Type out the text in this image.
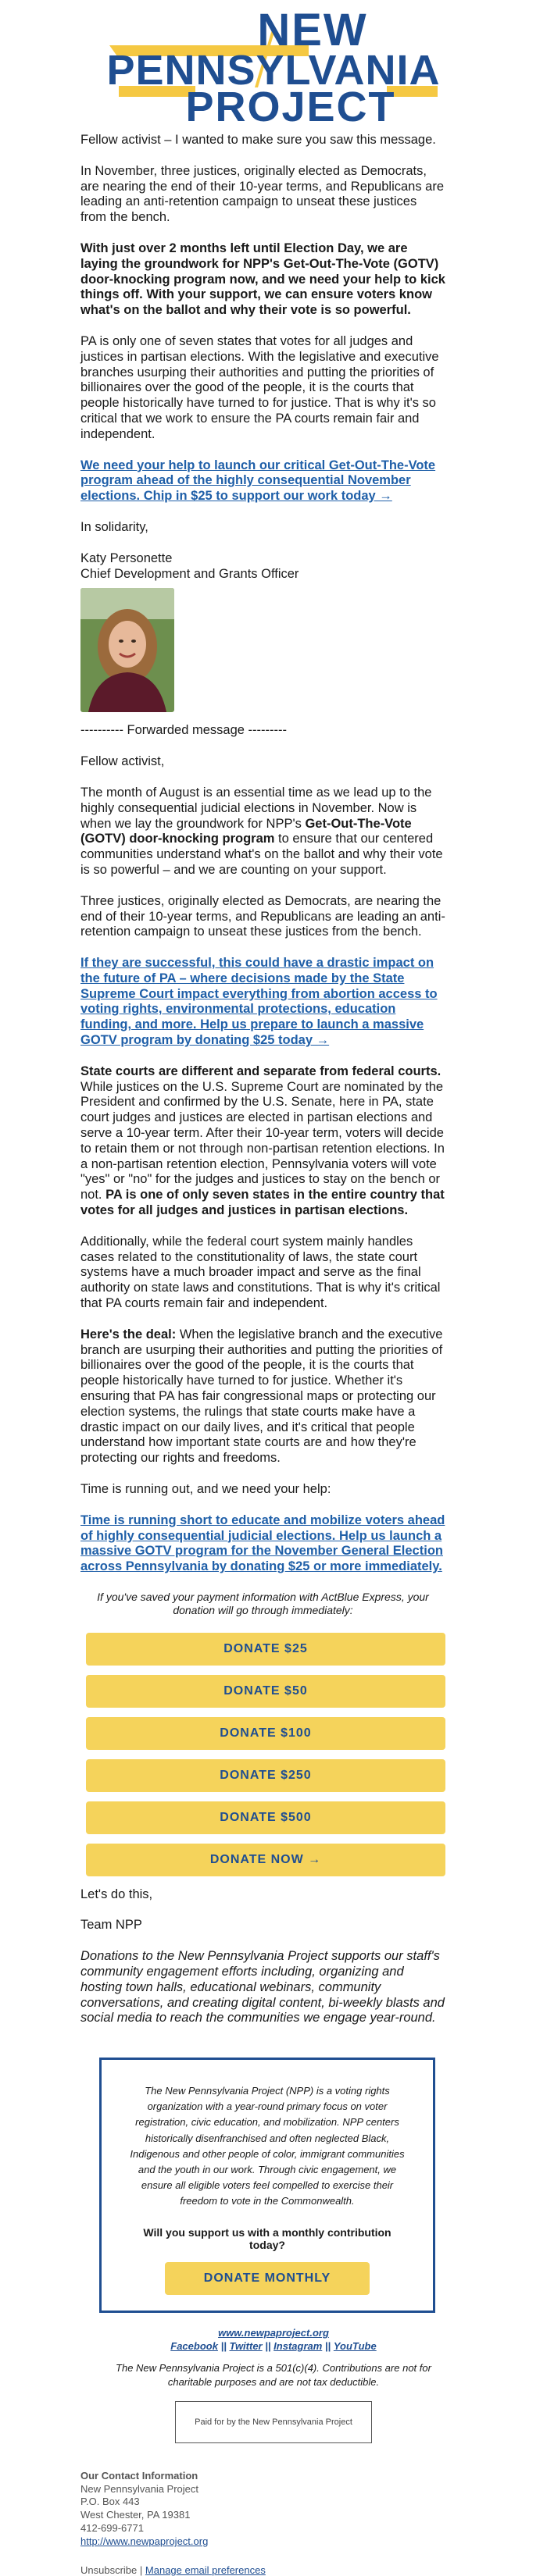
NEW
PENNSYLVANIA
PROJECT

Fellow activist – I wanted to make sure you saw this message.

In November, three justices, originally elected as Democrats, are nearing the end of their 10-year terms, and Republicans are leading an anti-retention campaign to unseat these justices from the bench.

With just over 2 months left until Election Day, we are laying the groundwork for NPP's Get-Out-The-Vote (GOTV) door-knocking program now, and we need your help to kick things off. With your support, we can ensure voters know what's on the ballot and why their vote is so powerful.

PA is only one of seven states that votes for all judges and justices in partisan elections. With the legislative and executive branches usurping their authorities and putting the priorities of billionaires over the good of the people, it is the courts that people historically have turned to for justice. That is why it's so critical that we work to ensure the PA courts remain fair and independent.

We need your help to launch our critical Get-Out-The-Vote program ahead of the highly consequential November elections. Chip in $25 to support our work today →

In solidarity,

Katy Personette
Chief Development and Grants Officer
---------- Forwarded message ---------

Fellow activist,

The month of August is an essential time as we lead up to the highly consequential judicial elections in November. Now is when we lay the groundwork for NPP's Get-Out-The-Vote (GOTV) door-knocking program to ensure that our centered communities understand what's on the ballot and why their vote is so powerful – and we are counting on your support.

Three justices, originally elected as Democrats, are nearing the end of their 10-year terms, and Republicans are leading an anti-retention campaign to unseat these justices from the bench.

If they are successful, this could have a drastic impact on the future of PA – where decisions made by the State Supreme Court impact everything from abortion access to voting rights, environmental protections, education funding, and more. Help us prepare to launch a massive GOTV program by donating $25 today →

State courts are different and separate from federal courts. While justices on the U.S. Supreme Court are nominated by the President and confirmed by the U.S. Senate, here in PA, state court judges and justices are elected in partisan elections and serve a 10-year term. After their 10-year term, voters will decide to retain them or not through non-partisan retention elections. In a non-partisan retention election, Pennsylvania voters will vote "yes" or "no" for the judges and justices to stay on the bench or not. PA is one of only seven states in the entire country that votes for all judges and justices in partisan elections.

Additionally, while the federal court system mainly handles cases related to the constitutionality of laws, the state court systems have a much broader impact and serve as the final authority on state laws and constitutions. That is why it's critical that PA courts remain fair and independent.

Here's the deal: When the legislative branch and the executive branch are usurping their authorities and putting the priorities of billionaires over the good of the people, it is the courts that people historically have turned to for justice. Whether it's ensuring that PA has fair congressional maps or protecting our election systems, the rulings that state courts make have a drastic impact on our daily lives, and it's critical that people understand how important state courts are and how they're protecting our rights and freedoms.

Time is running out, and we need your help:

Time is running short to educate and mobilize voters ahead of highly consequential judicial elections. Help us launch a massive GOTV program for the November General Election across Pennsylvania by donating $25 or more immediately.

If you've saved your payment information with ActBlue Express, your donation will go through immediately:

DONATE $25
DONATE $50
DONATE $100
DONATE $250
DONATE $500
DONATE NOW →

Let's do this,

Team NPP

Donations to the New Pennsylvania Project supports our staff's community engagement efforts including, organizing and hosting town halls, educational webinars, community conversations, and creating digital content, bi-weekly blasts and social media to reach the communities we engage year-round.

The New Pennsylvania Project (NPP) is a voting rights organization with a year-round primary focus on voter registration, civic education, and mobilization. NPP centers historically disenfranchised and often neglected Black, Indigenous and other people of color, immigrant communities and the youth in our work. Through civic engagement, we ensure all eligible voters feel compelled to exercise their freedom to vote in the Commonwealth.

Will you support us with a monthly contribution today?
DONATE MONTHLY
www.newpaproject.org
Facebook || Twitter || Instagram || YouTube
The New Pennsylvania Project is a 501(c)(4). Contributions are not for charitable purposes and are not tax deductible.
Paid for by the New Pennsylvania Project
Our Contact Information
New Pennsylvania Project
P.O. Box 443
West Chester, PA 19381
412-699-6771
http://www.newpaproject.org
Unsubscribe | Manage email preferences
